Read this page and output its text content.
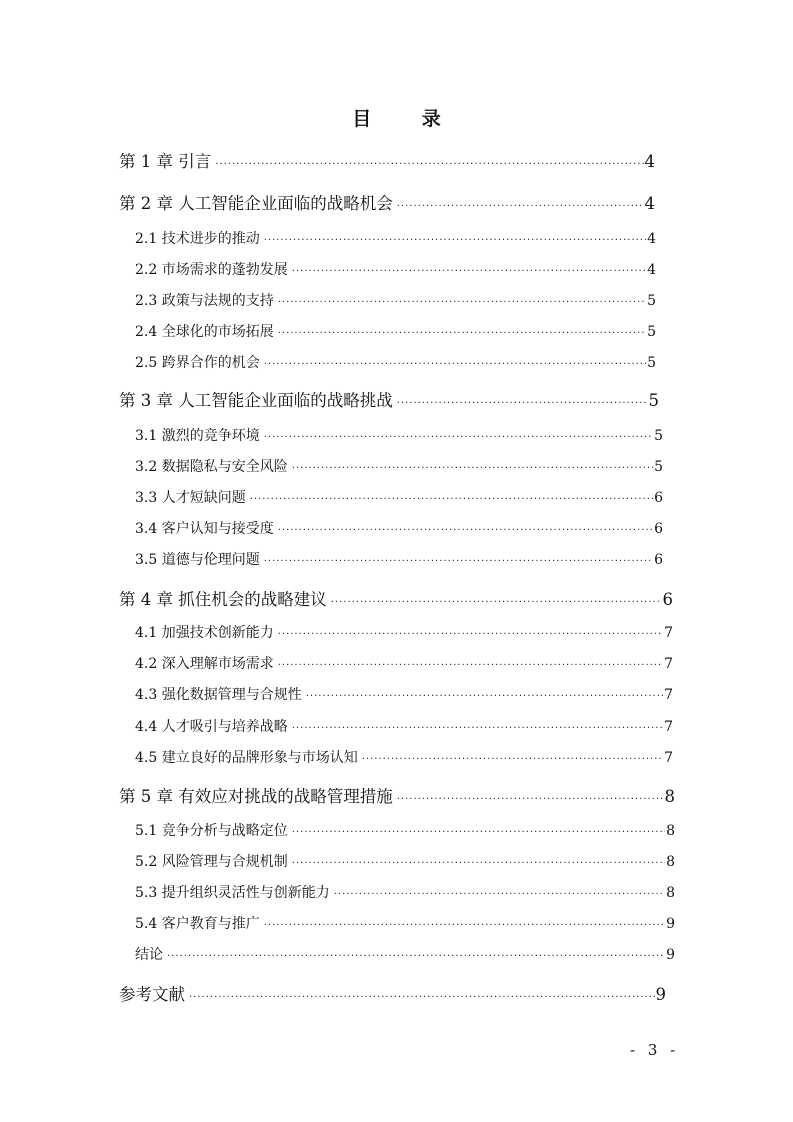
目 录
第 1 章 引言 ·····	4
第 2 章 人工智能企业面临的战略机会 ·····	4
2.1 技术进步的推动 ·····	4
2.2 市场需求的蓬勃发展 ·····	4
2.3 政策与法规的支持 ·····	5
2.4 全球化的市场拓展 ·····	5
2.5 跨界合作的机会 ·····	5
第 3 章 人工智能企业面临的战略挑战 ·····	5
3.1 激烈的竞争环境 ·····	5
3.2 数据隐私与安全风险 ·····	5
3.3 人才短缺问题 ·····	6
3.4 客户认知与接受度 ·····	6
3.5 道德与伦理问题 ·····	6
第 4 章 抓住机会的战略建议 ·····	6
4.1 加强技术创新能力 ·····	7
4.2 深入理解市场需求 ·····	7
4.3 强化数据管理与合规性 ·····	7
4.4 人才吸引与培养战略 ·····	7
4.5 建立良好的品牌形象与市场认知 ·····	7
第 5 章 有效应对挑战的战略管理措施 ·····	8
5.1 竞争分析与战略定位 ·····	8
5.2 风险管理与合规机制 ·····	8
5.3 提升组织灵活性与创新能力 ·····	8
5.4 客户教育与推广 ·····	9
结论 ·····	9
参考文献 ·····	9
- 3 -
